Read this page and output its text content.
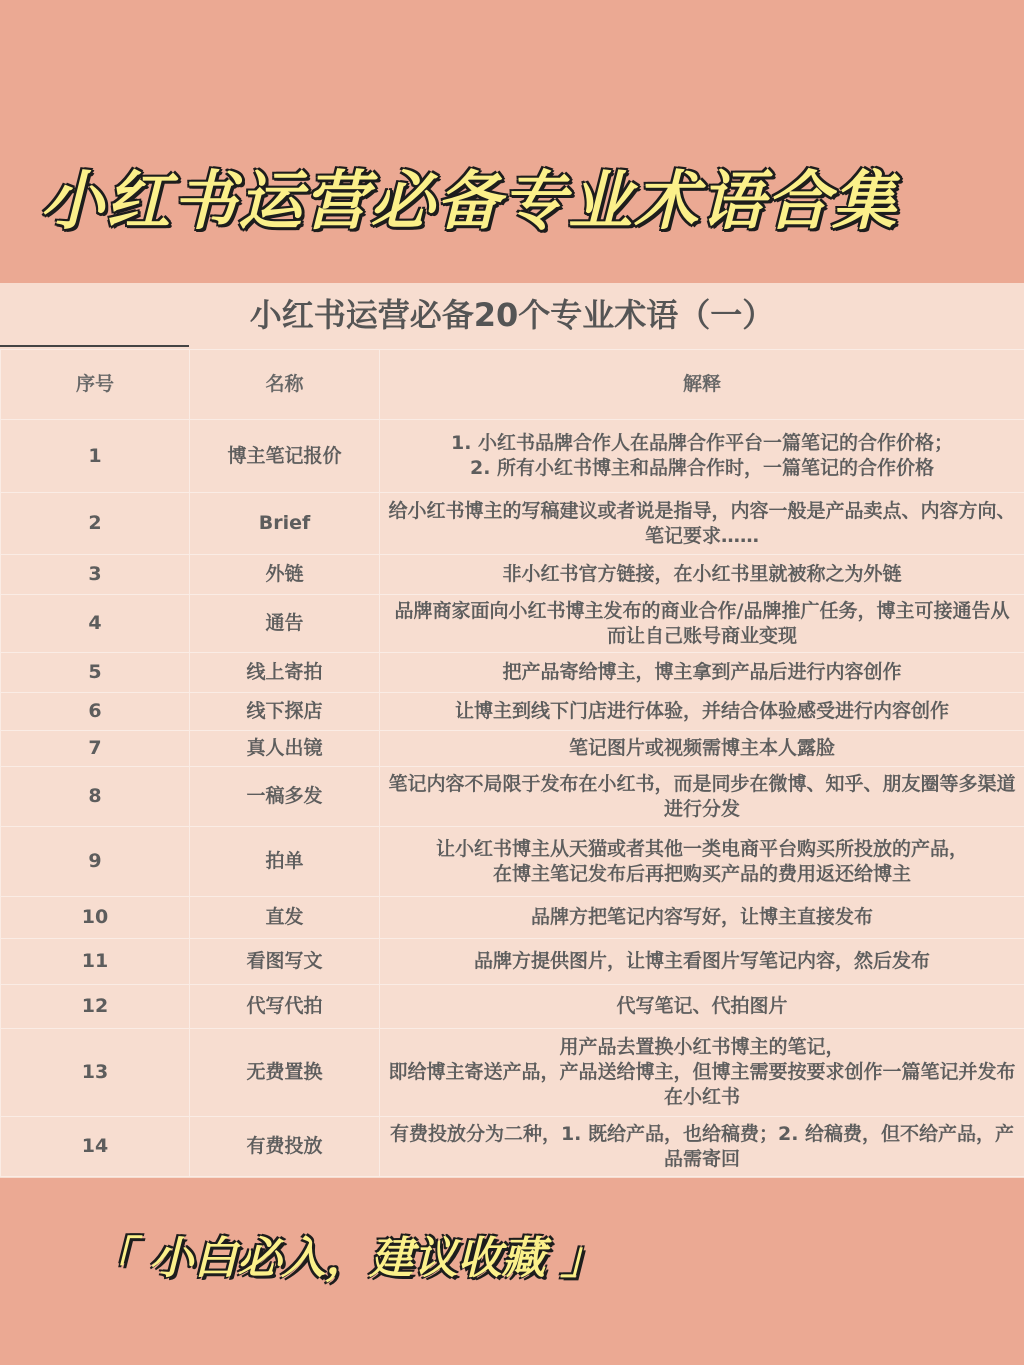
小红书运营必备专业术语合集
小红书运营必备20个专业术语（一）
序号	名称	解释
1	博主笔记报价	1. 小红书品牌合作人在品牌合作平台一篇笔记的合作价格；
2. 所有小红书博主和品牌合作时，一篇笔记的合作价格
2	Brief	给小红书博主的写稿建议或者说是指导，内容一般是产品卖点、内容方向、笔记要求……
3	外链	非小红书官方链接，在小红书里就被称之为外链
4	通告	品牌商家面向小红书博主发布的商业合作/品牌推广任务，博主可接通告从而让自己账号商业变现
5	线上寄拍	把产品寄给博主，博主拿到产品后进行内容创作
6	线下探店	让博主到线下门店进行体验，并结合体验感受进行内容创作
7	真人出镜	笔记图片或视频需博主本人露脸
8	一稿多发	笔记内容不局限于发布在小红书，而是同步在微博、知乎、朋友圈等多渠道进行分发
9	拍单	让小红书博主从天猫或者其他一类电商平台购买所投放的产品，
在博主笔记发布后再把购买产品的费用返还给博主
10	直发	品牌方把笔记内容写好，让博主直接发布
11	看图写文	品牌方提供图片，让博主看图片写笔记内容，然后发布
12	代写代拍	代写笔记、代拍图片
13	无费置换	用产品去置换小红书博主的笔记，
即给博主寄送产品，产品送给博主，但博主需要按要求创作一篇笔记并发布在小红书
14	有费投放	有费投放分为二种，1. 既给产品，也给稿费；2. 给稿费，但不给产品，产品需寄回
「 小白必入，建议收藏 」
